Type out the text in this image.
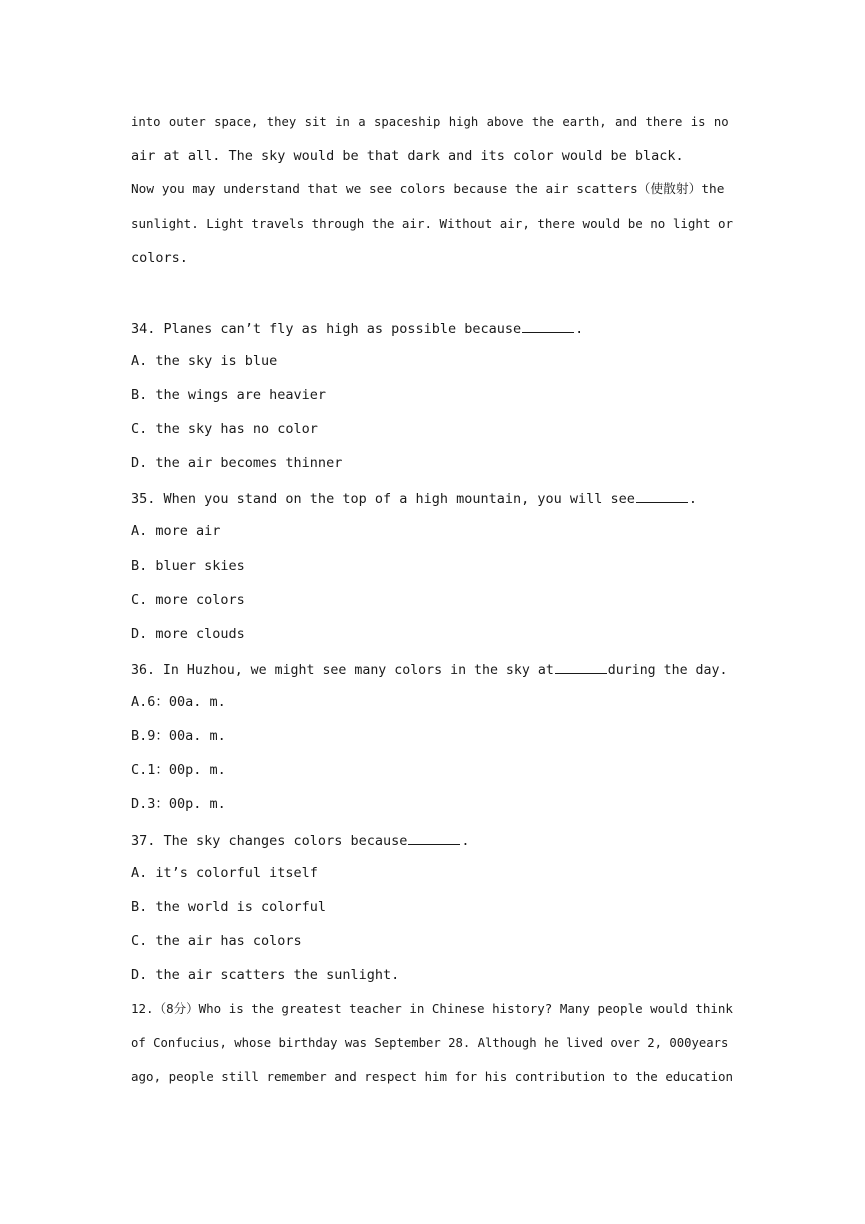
into outer space, they sit in a spaceship high above the earth, and there is no
air at all. The sky would be that dark and its color would be black.
Now you may understand that we see colors because the air scatters（使散射）the
sunlight. Light travels through the air. Without air, there would be no light or
colors.
34. Planes can’t fly as high as possible because	.
A. the sky is blue
B. the wings are heavier
C. the sky has no color
D. the air becomes thinner
35. When you stand on the top of a high mountain, you will see	.
A. more air
B. bluer skies
C. more colors
D. more clouds
36. In Huzhou, we might see many colors in the sky at	during the day.
A.6：00a. m.
B.9：00a. m.
C.1：00p. m.
D.3：00p. m.
37. The sky changes colors because	.
A. it’s colorful itself
B. the world is colorful
C. the air has colors
D. the air scatters the sunlight.
12.（8分）Who is the greatest teacher in Chinese history? Many people would think
of Confucius, whose birthday was September 28. Although he lived over 2, 000years
ago, people still remember and respect him for his contribution to the education
